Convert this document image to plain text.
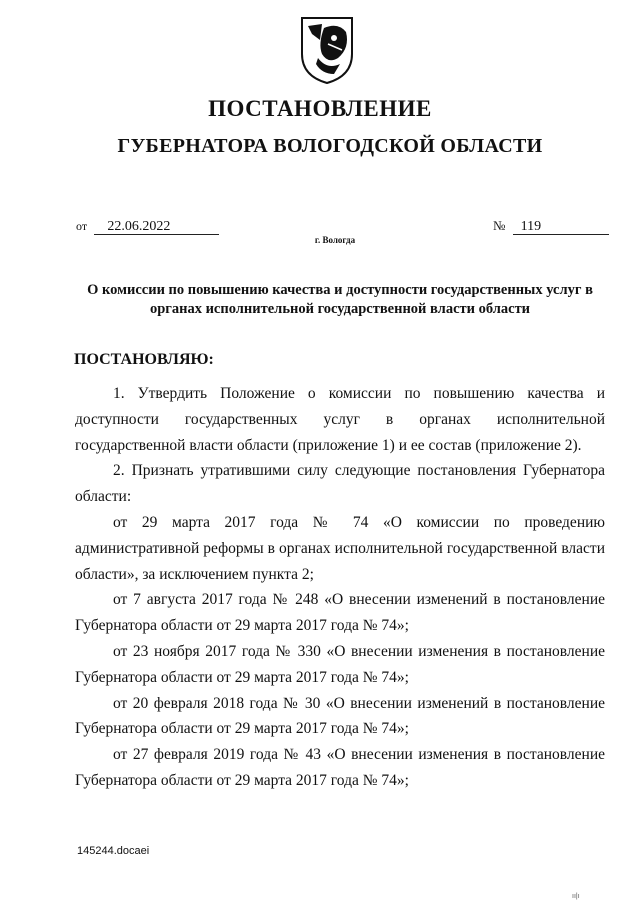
ПОСТАНОВЛЕНИЕ
ГУБЕРНАТОРА ВОЛОГОДСКОЙ ОБЛАСТИ
от 22.06.2022	№ 119
г. Вологда
О комиссии по повышению качества и доступности государственных услуг в органах исполнительной государственной власти области
ПОСТАНОВЛЯЮ:

1. Утвердить Положение о комиссии по повышению качества и доступности государственных услуг в органах исполнительной государственной власти области (приложение 1) и ее состав (приложение 2).

2. Признать утратившими силу следующие постановления Губернатора области:

от 29 марта 2017 года № 74 «О комиссии по проведению административной реформы в органах исполнительной государственной власти области», за исключением пункта 2;

от 7 августа 2017 года № 248 «О внесении изменений в постановление Губернатора области от 29 марта 2017 года № 74»;

от 23 ноября 2017 года № 330 «О внесении изменения в постановление Губернатора области от 29 марта 2017 года № 74»;

от 20 февраля 2018 года № 30 «О внесении изменений в постановление Губернатора области от 29 марта 2017 года № 74»;

от 27 февраля 2019 года № 43 «О внесении изменения в постановление Губернатора области от 29 марта 2017 года № 74»;

145244.docaei
ıı|ı
